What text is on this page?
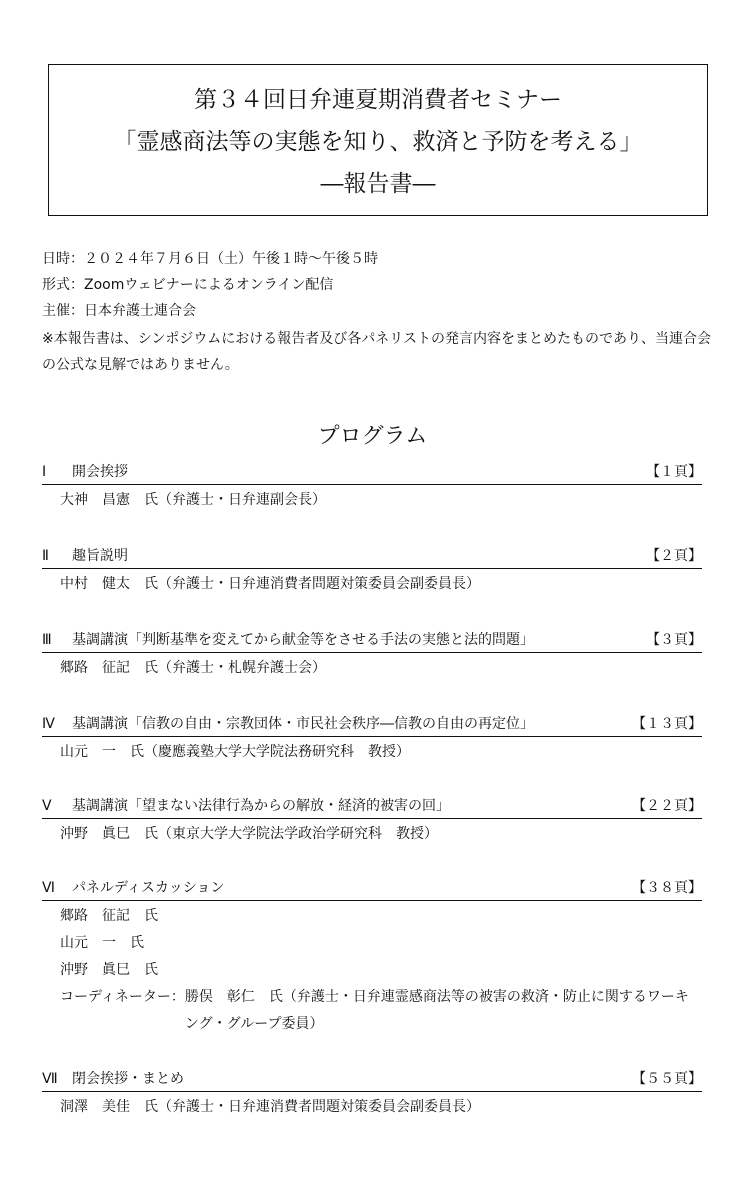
第３４回日弁連夏期消費者セミナー
「霊感商法等の実態を知り、救済と予防を考える」
―報告書―
日時：２０２４年７月６日（土）午後１時～午後５時
形式：Zoomウェビナーによるオンライン配信
主催：日本弁護士連合会
※本報告書は、シンポジウムにおける報告者及び各パネリストの発言内容をまとめたものであり、当連合会の公式な見解ではありません。
プログラム
Ⅰ 開会挨拶	【１頁】
大神　昌憲　氏（弁護士・日弁連副会長）
Ⅱ 趣旨説明	【２頁】
中村　健太　氏（弁護士・日弁連消費者問題対策委員会副委員長）
Ⅲ 基調講演「判断基準を変えてから献金等をさせる手法の実態と法的問題」	【３頁】
郷路　征記　氏（弁護士・札幌弁護士会）
Ⅳ 基調講演「信教の自由・宗教団体・市民社会秩序―信教の自由の再定位」	【１３頁】
山元　一　氏（慶應義塾大学大学院法務研究科　教授）
Ⅴ 基調講演「望まない法律行為からの解放・経済的被害の回」	【２２頁】
沖野　眞巳　氏（東京大学大学院法学政治学研究科　教授）
Ⅵ パネルディスカッション	【３８頁】
郷路　征記　氏
山元　一　氏
沖野　眞巳　氏
コーディネーター： 勝俣　彰仁　氏（弁護士・日弁連霊感商法等の被害の救済・防止に関するワーキング・グループ委員）
Ⅶ 閉会挨拶・まとめ	【５５頁】
洞澤　美佳　氏（弁護士・日弁連消費者問題対策委員会副委員長）
